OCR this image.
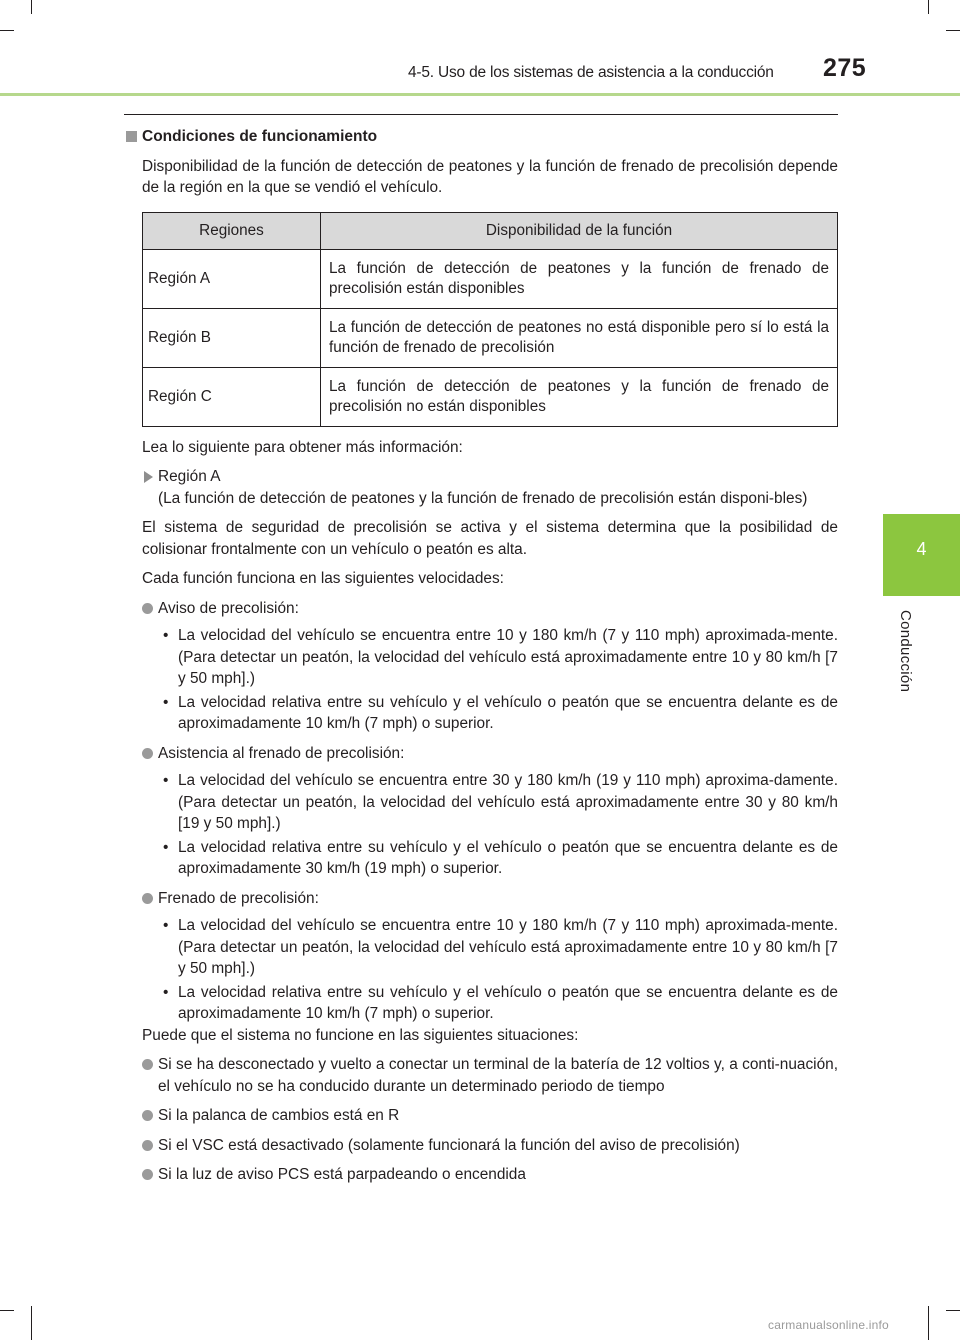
4-5. Uso de los sistemas de asistencia a la conducción 275
4
Conducción
Condiciones de funcionamiento
Disponibilidad de la función de detección de peatones y la función de frenado de precolisión depende de la región en la que se vendió el vehículo.
Regiones	Disponibilidad de la función
Región A	La función de detección de peatones y la función de frenado de precolisión están disponibles
Región B	La función de detección de peatones no está disponible pero sí lo está la función de frenado de precolisión
Región C	La función de detección de peatones y la función de frenado de precolisión no están disponibles
Lea lo siguiente para obtener más información:
Región A
(La función de detección de peatones y la función de frenado de precolisión están disponi-bles)
El sistema de seguridad de precolisión se activa y el sistema determina que la posibilidad de colisionar frontalmente con un vehículo o peatón es alta.
Cada función funciona en las siguientes velocidades:
Aviso de precolisión:
• La velocidad del vehículo se encuentra entre 10 y 180 km/h (7 y 110 mph) aproximada-mente. (Para detectar un peatón, la velocidad del vehículo está aproximadamente entre 10 y 80 km/h [7 y 50 mph].)
• La velocidad relativa entre su vehículo y el vehículo o peatón que se encuentra delante es de aproximadamente 10 km/h (7 mph) o superior.
Asistencia al frenado de precolisión:
• La velocidad del vehículo se encuentra entre 30 y 180 km/h (19 y 110 mph) aproxima-damente. (Para detectar un peatón, la velocidad del vehículo está aproximadamente entre 30 y 80 km/h [19 y 50 mph].)
• La velocidad relativa entre su vehículo y el vehículo o peatón que se encuentra delante es de aproximadamente 30 km/h (19 mph) o superior.
Frenado de precolisión:
• La velocidad del vehículo se encuentra entre 10 y 180 km/h (7 y 110 mph) aproximada-mente. (Para detectar un peatón, la velocidad del vehículo está aproximadamente entre 10 y 80 km/h [7 y 50 mph].)
• La velocidad relativa entre su vehículo y el vehículo o peatón que se encuentra delante es de aproximadamente 10 km/h (7 mph) o superior.
Puede que el sistema no funcione en las siguientes situaciones:
Si se ha desconectado y vuelto a conectar un terminal de la batería de 12 voltios y, a conti-nuación, el vehículo no se ha conducido durante un determinado periodo de tiempo
Si la palanca de cambios está en R
Si el VSC está desactivado (solamente funcionará la función del aviso de precolisión)
Si la luz de aviso PCS está parpadeando o encendida
carmanualsonline.info
